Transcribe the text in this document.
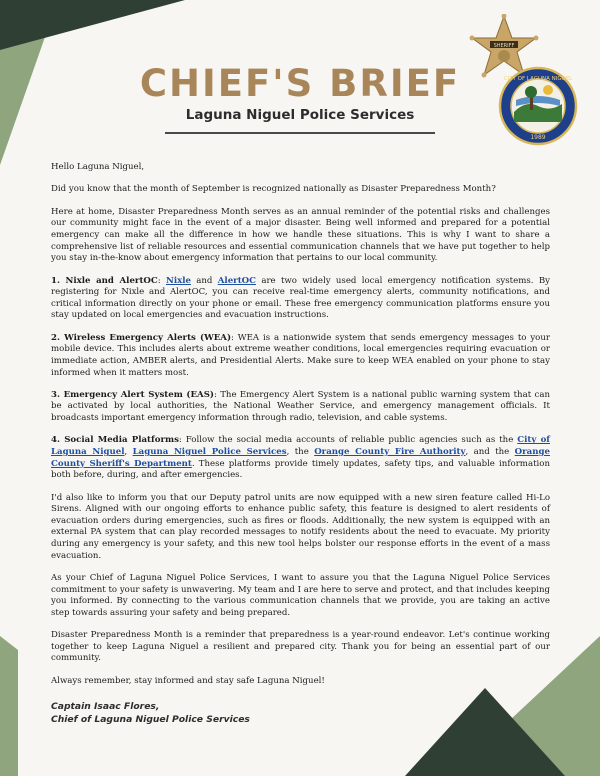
CHIEF'S BRIEF
Laguna Niguel Police Services
SHERIFF
CITY OF LAGUNA NIGUEL
1989

Hello Laguna Niguel,

Did you know that the month of September is recognized nationally as Disaster Preparedness Month?

Here at home, Disaster Preparedness Month serves as an annual reminder of the potential risks and challenges our community might face in the event of a major disaster. Being well informed and prepared for a potential emergency can make all the difference in how we handle these situations. This is why I want to share a comprehensive list of reliable resources and essential communication channels that we have put together to help you stay in-the-know about emergency information that pertains to our local community.

1. Nixle and AlertOC: Nixle and AlertOC are two widely used local emergency notification systems. By registering for Nixle and AlertOC, you can receive real-time emergency alerts, community notifications, and critical information directly on your phone or email. These free emergency communication platforms ensure you stay updated on local emergencies and evacuation instructions.

2. Wireless Emergency Alerts (WEA): WEA is a nationwide system that sends emergency messages to your mobile device. This includes alerts about extreme weather conditions, local emergencies requiring evacuation or immediate action, AMBER alerts, and Presidential Alerts. Make sure to keep WEA enabled on your phone to stay informed when it matters most.

3. Emergency Alert System (EAS): The Emergency Alert System is a national public warning system that can be activated by local authorities, the National Weather Service, and emergency management officials. It broadcasts important emergency information through radio, television, and cable systems.

4. Social Media Platforms: Follow the social media accounts of reliable public agencies such as the City of Laguna Niguel, Laguna Niguel Police Services, the Orange County Fire Authority, and the Orange County Sheriff's Department. These platforms provide timely updates, safety tips, and valuable information both before, during, and after emergencies.

I'd also like to inform you that our Deputy patrol units are now equipped with a new siren feature called Hi-Lo Sirens. Aligned with our ongoing efforts to enhance public safety, this feature is designed to alert residents of evacuation orders during emergencies, such as fires or floods. Additionally, the new system is equipped with an external PA system that can play recorded messages to notify residents about the need to evacuate. My priority during any emergency is your safety, and this new tool helps bolster our response efforts in the event of a mass evacuation.

As your Chief of Laguna Niguel Police Services, I want to assure you that the Laguna Niguel Police Services commitment to your safety is unwavering. My team and I are here to serve and protect, and that includes keeping you informed. By connecting to the various communication channels that we provide, you are taking an active step towards assuring your safety and being prepared.

Disaster Preparedness Month is a reminder that preparedness is a year-round endeavor. Let's continue working together to keep Laguna Niguel a resilient and prepared city. Thank you for being an essential part of our community.

Always remember, stay informed and stay safe Laguna Niguel!

Captain Isaac Flores,
Chief of Laguna Niguel Police Services
